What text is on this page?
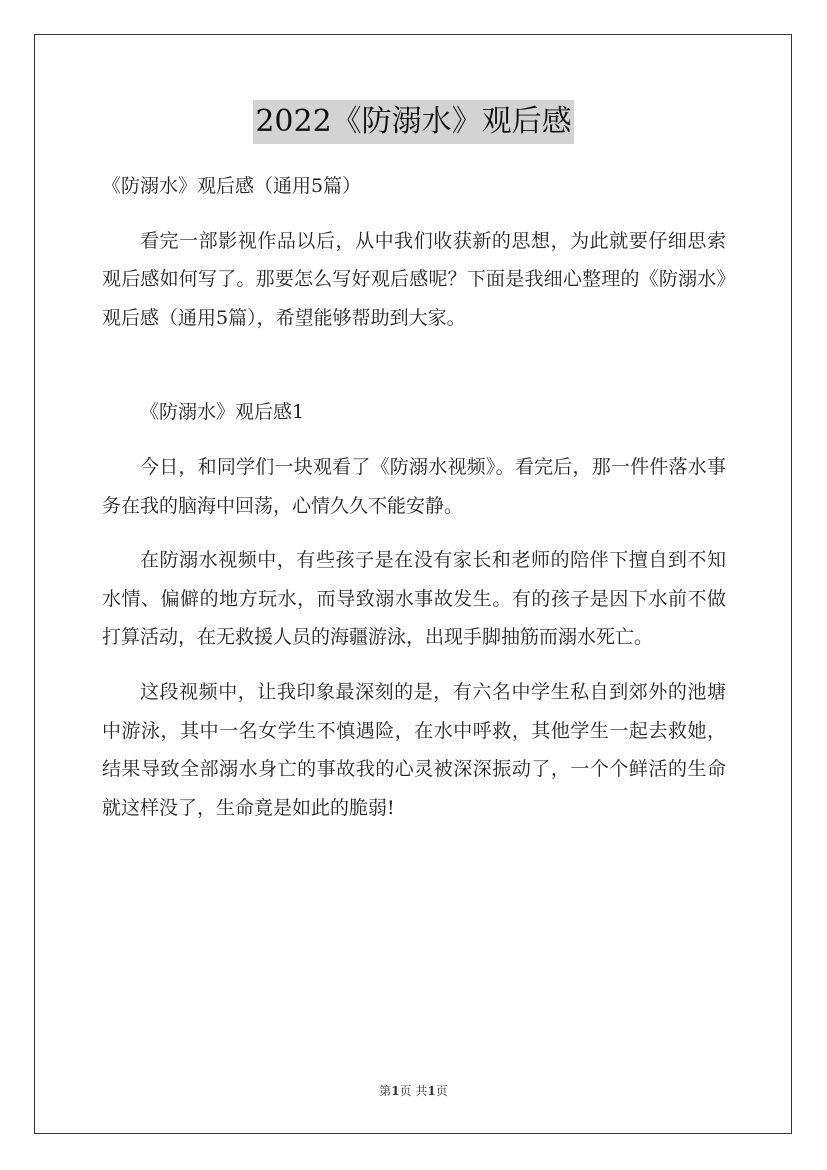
2022《防溺水》观后感

《防溺水》观后感（通用5篇）

看完一部影视作品以后，从中我们收获新的思想，为此就要仔细思索观后感如何写了。那要怎么写好观后感呢？下面是我细心整理的《防溺水》观后感（通用5篇），希望能够帮助到大家。

《防溺水》观后感1

今日，和同学们一块观看了《防溺水视频》。看完后，那一件件落水事务在我的脑海中回荡，心情久久不能安静。

在防溺水视频中，有些孩子是在没有家长和老师的陪伴下擅自到不知水情、偏僻的地方玩水，而导致溺水事故发生。有的孩子是因下水前不做打算活动，在无救援人员的海疆游泳，出现手脚抽筋而溺水死亡。

这段视频中，让我印象最深刻的是，有六名中学生私自到郊外的池塘中游泳，其中一名女学生不慎遇险，在水中呼救，其他学生一起去救她，结果导致全部溺水身亡的事故我的心灵被深深振动了，一个个鲜活的生命就这样没了，生命竟是如此的脆弱!

第1页 共1页
